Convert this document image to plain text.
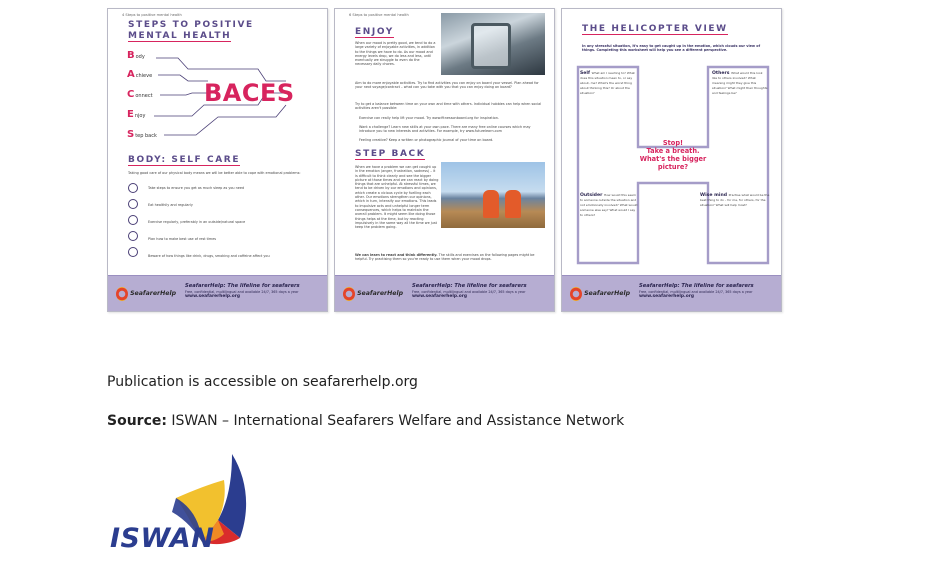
4 Steps to positive mental health
STEPS TO POSITIVE
MENTAL HEALTH
Body
Achieve
Connect
Enjoy
Step back
BACES
BODY: SELF CARE
Taking good care of our physical body means we will be better able to cope with emotional problems:
Take steps to ensure you get as much sleep as you need
Eat healthily and regularly
Exercise regularly, preferably in an outside/natural space
Plan how to make best use of rest times
Beware of how things like drink, drugs, smoking and caffeine affect you
SeafarerHelp
SeafarerHelp: The lifeline for seafarers
Free, confidential, multilingual and available 24/7, 365 days a year
www.seafarerhelp.org
6 Steps to positive mental health
ENJOY
When our mood is pretty good, we tend to do a large variety of enjoyable activities, in addition to the things we have to do. As our mood and energy levels drop, we do less and less, until eventually we struggle to even do the necessary daily chores.
Aim to do more enjoyable activities. Try to find activities you can enjoy on board your vessel. Plan ahead for your next voyage/contract – what can you take with you that you can enjoy doing on board?
Try to get a balance between time on your own and time with others. Individual hobbies can help when social activities aren't possible:
Exercise can really help lift your mood. Try www.fitnessonboard.org for inspiration.
Want a challenge? Learn new skills at your own pace. There are many free online courses which may introduce you to new interests and activities. For example, try www.futurelearn.com
Feeling creative? Keep a written or photographic journal of your time on board.
STEP BACK
When we have a problem we can get caught up in the emotion (anger, frustration, sadness) – it is difficult to think clearly and see the bigger picture at those times and we can react by doing things that are unhelpful. At stressful times, we tend to be driven by our emotions and opinions, which create a vicious cycle by fuelling each other. Our emotions strengthen our opinions, which in turn, intensify our emotions. This leads to impulsive acts and unhelpful longer term consequences, which helps to maintain the overall problem. It might seem like doing those things helps at the time, but by reacting impulsively in the same way all the time we just keep the problem going.
We can learn to react and think differently. The skills and exercises on the following pages might be helpful. Try practising them so you're ready to use them when your mood drops.
SeafarerHelp
SeafarerHelp: The lifeline for seafarers
Free, confidential, multilingual and available 24/7, 365 days a year
www.seafarerhelp.org
THE HELICOPTER VIEW
In any stressful situation, it's easy to get caught up in the emotion, which clouds our view of things. Completing this worksheet will help you see a different perspective.
Self What am I reacting to? What does this situation mean to, or say about, me? What's the worst thing about thinking this? Or about the situation?
Others What would this look like to others involved? What meaning might they give this situation? What might their thoughts and feelings be?
Stop!
Take a breath.
What's the bigger
picture?
Outsider How would this seem to someone outside the situation and not emotionally involved? What would someone else say? What would I say to others?
Wise mind Practise what would be the best thing to do – for me, for others, for the situation? What will help most?
SeafarerHelp
SeafarerHelp: The lifeline for seafarers
Free, confidential, multilingual and available 24/7, 365 days a year
www.seafarerhelp.org
Publication is accessible on seafarerhelp.org
Source: ISWAN – International Seafarers Welfare and Assistance Network
ISWAN
